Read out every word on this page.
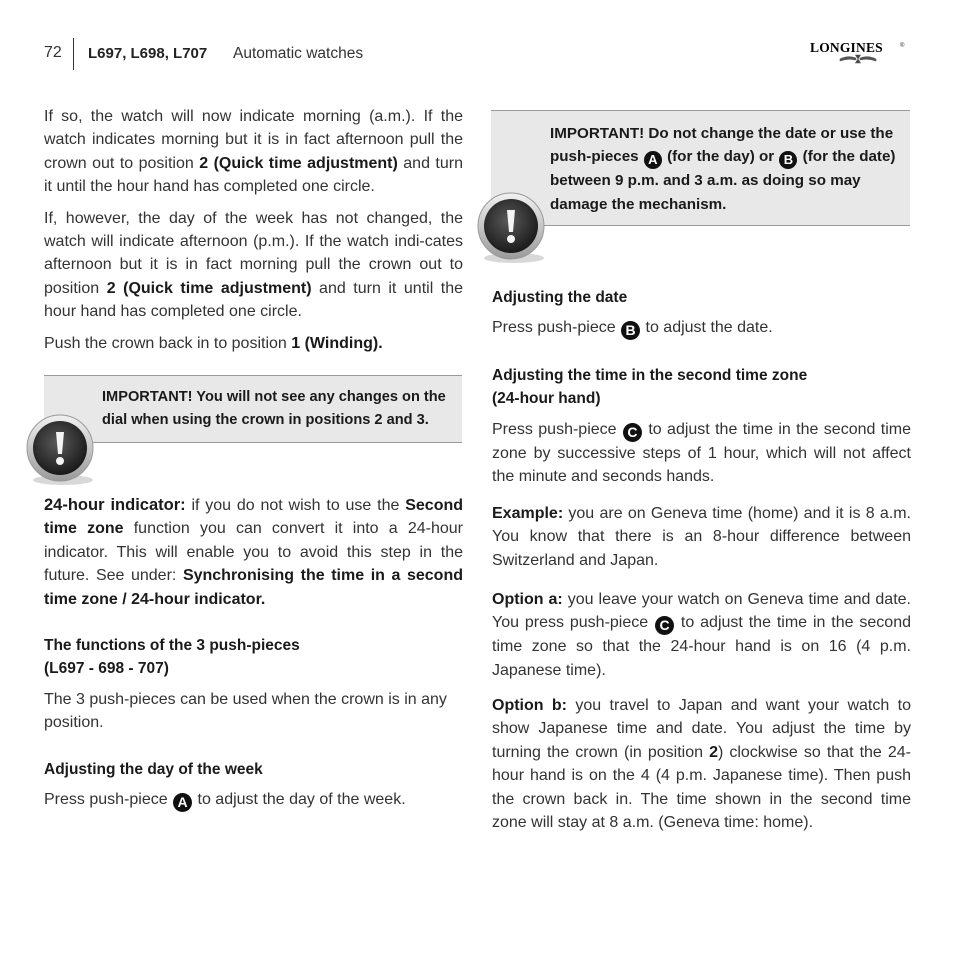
72 L697, L698, L707 Automatic watches	LONGINES	®

If so, the watch will now indicate morning (a.m.). If the watch indicates morning but it is in fact afternoon pull the crown out to position 2 (Quick time adjustment) and turn it until the hour hand has completed one circle.

If, however, the day of the week has not changed, the watch will indicate afternoon (p.m.). If the watch indi-cates afternoon but it is in fact morning pull the crown out to position 2 (Quick time adjustment) and turn it until the hour hand has completed one circle.

Push the crown back in to position 1 (Winding).

IMPORTANT! You will not see any changes on the dial when using the crown in positions 2 and 3.

24-hour indicator: if you do not wish to use the Second time zone function you can convert it into a 24-hour indicator. This will enable you to avoid this step in the future. See under: Synchronising the time in a second time zone / 24-hour indicator.

The functions of the 3 push-pieces

(L697 - 698 - 707)

The 3 push-pieces can be used when the crown is in any position.

Adjusting the day of the week

Press push-piece A to adjust the day of the week.

IMPORTANT! Do not change the date or use the push-pieces A (for the day) or B (for the date) between 9 p.m. and 3 a.m. as doing so may damage the mechanism.

Adjusting the date

Press push-piece B to adjust the date.

Adjusting the time in the second time zone

(24-hour hand)

Press push-piece C to adjust the time in the second time zone by successive steps of 1 hour, which will not affect the minute and seconds hands.

Example: you are on Geneva time (home) and it is 8 a.m. You know that there is an 8-hour difference between Switzerland and Japan.

Option a: you leave your watch on Geneva time and date. You press push-piece C to adjust the time in the second time zone so that the 24-hour hand is on 16 (4 p.m. Japanese time).

Option b: you travel to Japan and want your watch to show Japanese time and date. You adjust the time by turning the crown (in position 2) clockwise so that the 24-hour hand is on the 4 (4 p.m. Japanese time). Then push the crown back in. The time shown in the second time zone will stay at 8 a.m. (Geneva time: home).
